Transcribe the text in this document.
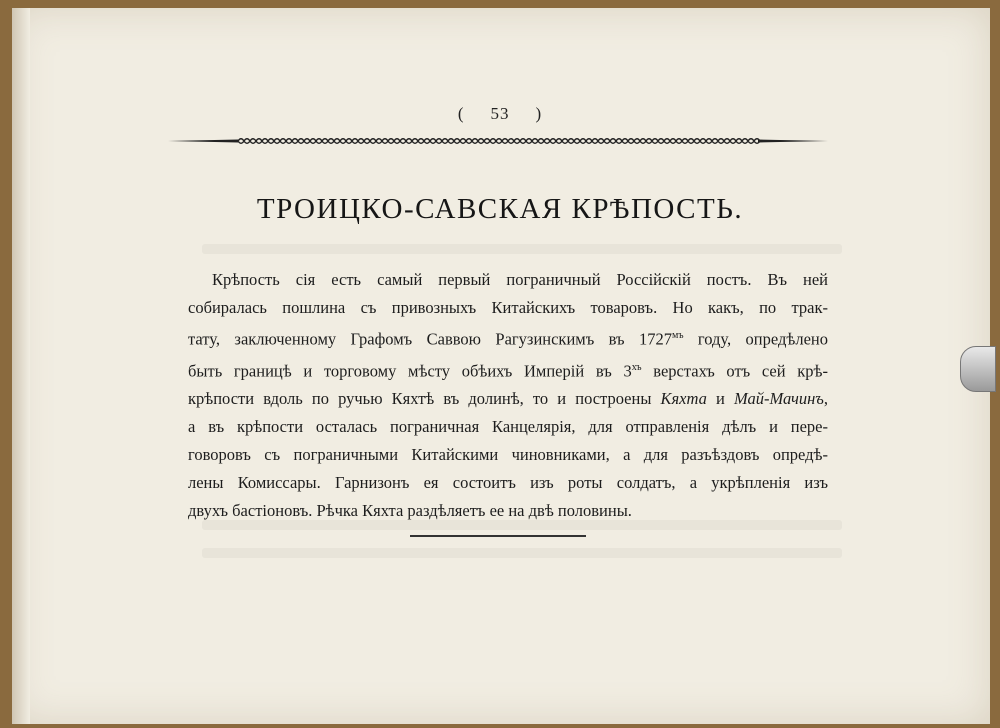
( 53 )
ТРОИЦКО-САВСКАЯ КРѢПОСТЬ.
Крѣпость сія есть самый первый пограничный Россійскій постъ. Въ ней
собиралась пошлина съ привозныхъ Китайскихъ товаровъ. Но какъ, по трак-
тату, заключенному Графомъ Саввою Рагузинскимъ въ $1727^{мъ}$ году, опредѣлено
быть границѣ и торговому мѣсту обѣихъ Имперій въ $3^{хъ}$ верстахъ отъ сей крѣ-
крѣпости вдоль по ручью Кяхтѣ въ долинѣ, то и построены Кяхта и Май-Мачинъ,
а въ крѣпости осталась пограничная Канцелярія, для отправленія дѣлъ и пере-
говоровъ съ пограничными Китайскими чиновниками, а для разъѣздовъ опредѣ-
лены Комиссары. Гарнизонъ ея состоитъ изъ роты солдатъ, а укрѣпленія изъ
двухъ бастіоновъ. Рѣчка Кяхта раздѣляетъ ее на двѣ половины.
